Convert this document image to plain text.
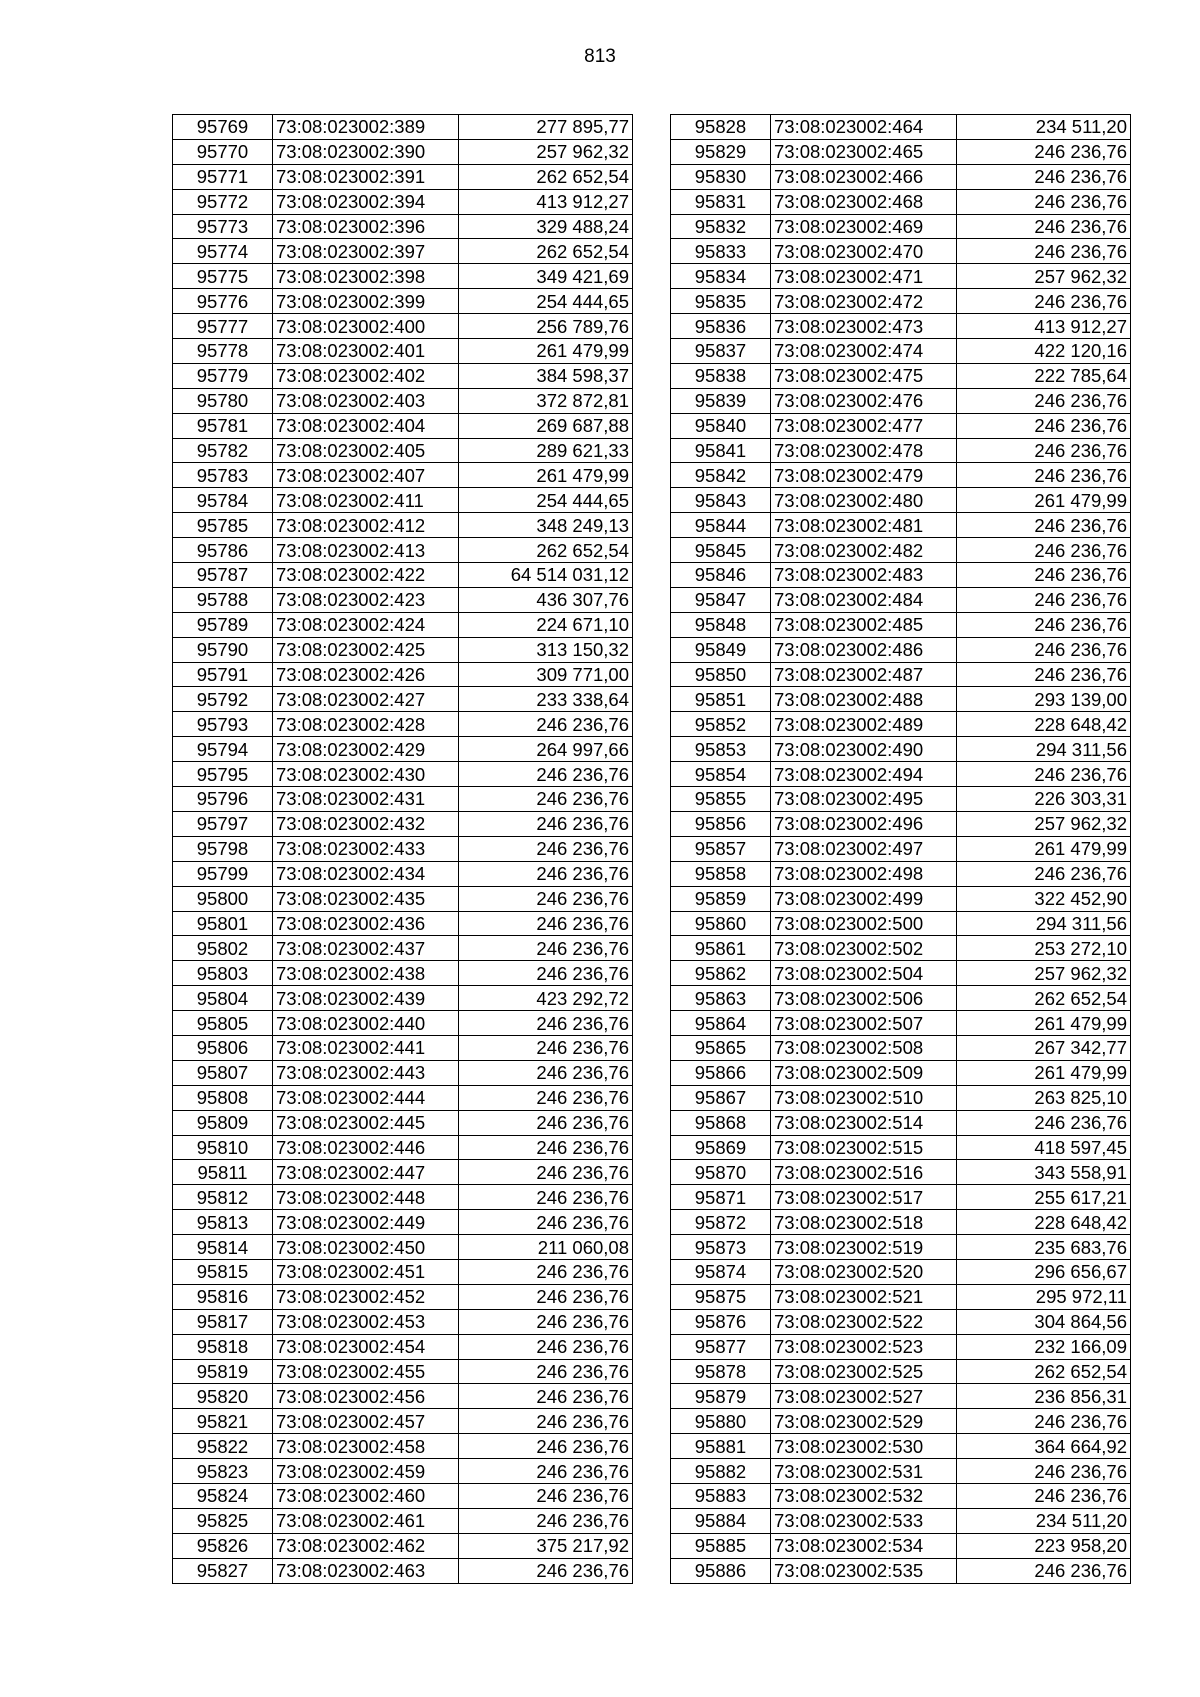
813
95769	73:08:023002:389	277 895,77
95770	73:08:023002:390	257 962,32
95771	73:08:023002:391	262 652,54
95772	73:08:023002:394	413 912,27
95773	73:08:023002:396	329 488,24
95774	73:08:023002:397	262 652,54
95775	73:08:023002:398	349 421,69
95776	73:08:023002:399	254 444,65
95777	73:08:023002:400	256 789,76
95778	73:08:023002:401	261 479,99
95779	73:08:023002:402	384 598,37
95780	73:08:023002:403	372 872,81
95781	73:08:023002:404	269 687,88
95782	73:08:023002:405	289 621,33
95783	73:08:023002:407	261 479,99
95784	73:08:023002:411	254 444,65
95785	73:08:023002:412	348 249,13
95786	73:08:023002:413	262 652,54
95787	73:08:023002:422	64 514 031,12
95788	73:08:023002:423	436 307,76
95789	73:08:023002:424	224 671,10
95790	73:08:023002:425	313 150,32
95791	73:08:023002:426	309 771,00
95792	73:08:023002:427	233 338,64
95793	73:08:023002:428	246 236,76
95794	73:08:023002:429	264 997,66
95795	73:08:023002:430	246 236,76
95796	73:08:023002:431	246 236,76
95797	73:08:023002:432	246 236,76
95798	73:08:023002:433	246 236,76
95799	73:08:023002:434	246 236,76
95800	73:08:023002:435	246 236,76
95801	73:08:023002:436	246 236,76
95802	73:08:023002:437	246 236,76
95803	73:08:023002:438	246 236,76
95804	73:08:023002:439	423 292,72
95805	73:08:023002:440	246 236,76
95806	73:08:023002:441	246 236,76
95807	73:08:023002:443	246 236,76
95808	73:08:023002:444	246 236,76
95809	73:08:023002:445	246 236,76
95810	73:08:023002:446	246 236,76
95811	73:08:023002:447	246 236,76
95812	73:08:023002:448	246 236,76
95813	73:08:023002:449	246 236,76
95814	73:08:023002:450	211 060,08
95815	73:08:023002:451	246 236,76
95816	73:08:023002:452	246 236,76
95817	73:08:023002:453	246 236,76
95818	73:08:023002:454	246 236,76
95819	73:08:023002:455	246 236,76
95820	73:08:023002:456	246 236,76
95821	73:08:023002:457	246 236,76
95822	73:08:023002:458	246 236,76
95823	73:08:023002:459	246 236,76
95824	73:08:023002:460	246 236,76
95825	73:08:023002:461	246 236,76
95826	73:08:023002:462	375 217,92
95827	73:08:023002:463	246 236,76
95828	73:08:023002:464	234 511,20
95829	73:08:023002:465	246 236,76
95830	73:08:023002:466	246 236,76
95831	73:08:023002:468	246 236,76
95832	73:08:023002:469	246 236,76
95833	73:08:023002:470	246 236,76
95834	73:08:023002:471	257 962,32
95835	73:08:023002:472	246 236,76
95836	73:08:023002:473	413 912,27
95837	73:08:023002:474	422 120,16
95838	73:08:023002:475	222 785,64
95839	73:08:023002:476	246 236,76
95840	73:08:023002:477	246 236,76
95841	73:08:023002:478	246 236,76
95842	73:08:023002:479	246 236,76
95843	73:08:023002:480	261 479,99
95844	73:08:023002:481	246 236,76
95845	73:08:023002:482	246 236,76
95846	73:08:023002:483	246 236,76
95847	73:08:023002:484	246 236,76
95848	73:08:023002:485	246 236,76
95849	73:08:023002:486	246 236,76
95850	73:08:023002:487	246 236,76
95851	73:08:023002:488	293 139,00
95852	73:08:023002:489	228 648,42
95853	73:08:023002:490	294 311,56
95854	73:08:023002:494	246 236,76
95855	73:08:023002:495	226 303,31
95856	73:08:023002:496	257 962,32
95857	73:08:023002:497	261 479,99
95858	73:08:023002:498	246 236,76
95859	73:08:023002:499	322 452,90
95860	73:08:023002:500	294 311,56
95861	73:08:023002:502	253 272,10
95862	73:08:023002:504	257 962,32
95863	73:08:023002:506	262 652,54
95864	73:08:023002:507	261 479,99
95865	73:08:023002:508	267 342,77
95866	73:08:023002:509	261 479,99
95867	73:08:023002:510	263 825,10
95868	73:08:023002:514	246 236,76
95869	73:08:023002:515	418 597,45
95870	73:08:023002:516	343 558,91
95871	73:08:023002:517	255 617,21
95872	73:08:023002:518	228 648,42
95873	73:08:023002:519	235 683,76
95874	73:08:023002:520	296 656,67
95875	73:08:023002:521	295 972,11
95876	73:08:023002:522	304 864,56
95877	73:08:023002:523	232 166,09
95878	73:08:023002:525	262 652,54
95879	73:08:023002:527	236 856,31
95880	73:08:023002:529	246 236,76
95881	73:08:023002:530	364 664,92
95882	73:08:023002:531	246 236,76
95883	73:08:023002:532	246 236,76
95884	73:08:023002:533	234 511,20
95885	73:08:023002:534	223 958,20
95886	73:08:023002:535	246 236,76
